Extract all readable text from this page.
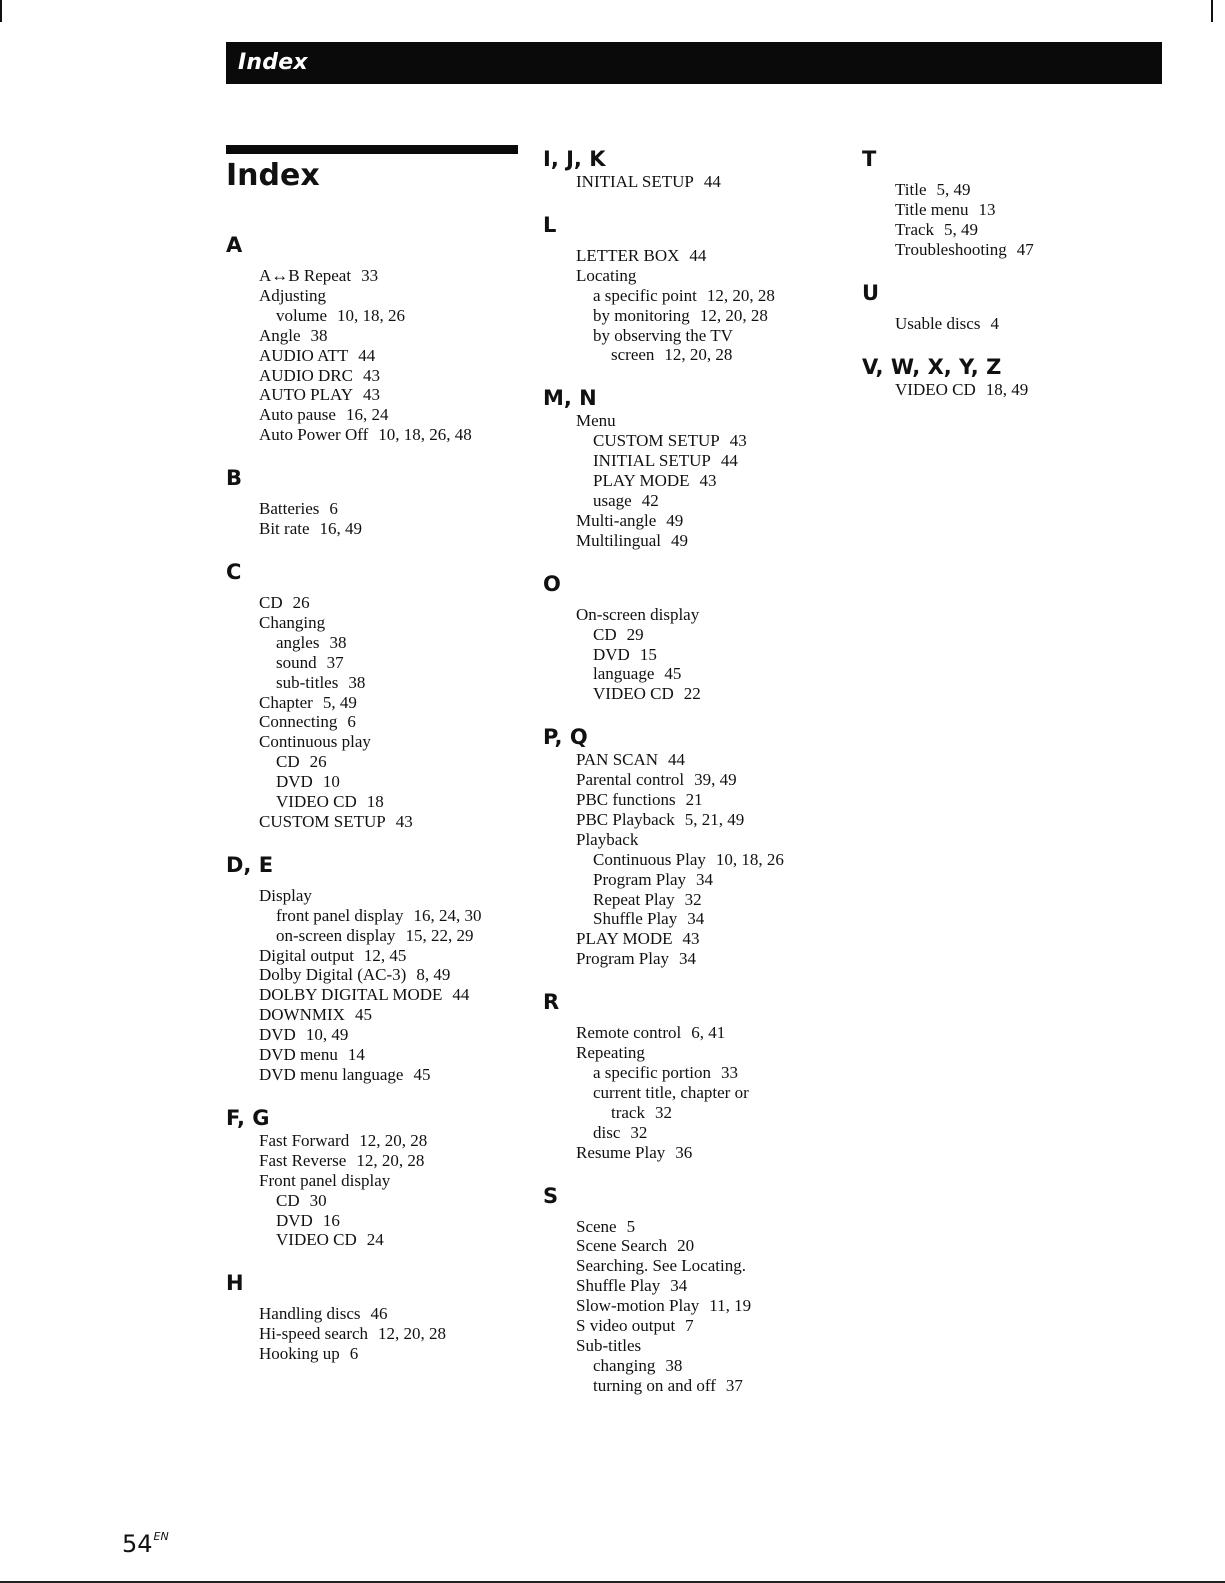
Index
Index
A
A↔B Repeat 33
Adjusting
volume 10, 18, 26
Angle 38
AUDIO ATT 44
AUDIO DRC 43
AUTO PLAY 43
Auto pause 16, 24
Auto Power Off 10, 18, 26, 48
B
Batteries 6
Bit rate 16, 49
C
CD 26
Changing
angles 38
sound 37
sub-titles 38
Chapter 5, 49
Connecting 6
Continuous play
CD 26
DVD 10
VIDEO CD 18
CUSTOM SETUP 43
D, E
Display
front panel display 16, 24, 30
on-screen display 15, 22, 29
Digital output 12, 45
Dolby Digital (AC-3) 8, 49
DOLBY DIGITAL MODE 44
DOWNMIX 45
DVD 10, 49
DVD menu 14
DVD menu language 45
F, G
Fast Forward 12, 20, 28
Fast Reverse 12, 20, 28
Front panel display
CD 30
DVD 16
VIDEO CD 24
H
Handling discs 46
Hi-speed search 12, 20, 28
Hooking up 6
I, J, K
INITIAL SETUP 44
L
LETTER BOX 44
Locating
a specific point 12, 20, 28
by monitoring 12, 20, 28
by observing the TV
screen 12, 20, 28
M, N
Menu
CUSTOM SETUP 43
INITIAL SETUP 44
PLAY MODE 43
usage 42
Multi-angle 49
Multilingual 49
O
On-screen display
CD 29
DVD 15
language 45
VIDEO CD 22
P, Q
PAN SCAN 44
Parental control 39, 49
PBC functions 21
PBC Playback 5, 21, 49
Playback
Continuous Play 10, 18, 26
Program Play 34
Repeat Play 32
Shuffle Play 34
PLAY MODE 43
Program Play 34
R
Remote control 6, 41
Repeating
a specific portion 33
current title, chapter or
track 32
disc 32
Resume Play 36
S
Scene 5
Scene Search 20
Searching. See Locating.
Shuffle Play 34
Slow-motion Play 11, 19
S video output 7
Sub-titles
changing 38
turning on and off 37
T
Title 5, 49
Title menu 13
Track 5, 49
Troubleshooting 47
U
Usable discs 4
V, W, X, Y, Z
VIDEO CD 18, 49
$54^{EN}$
